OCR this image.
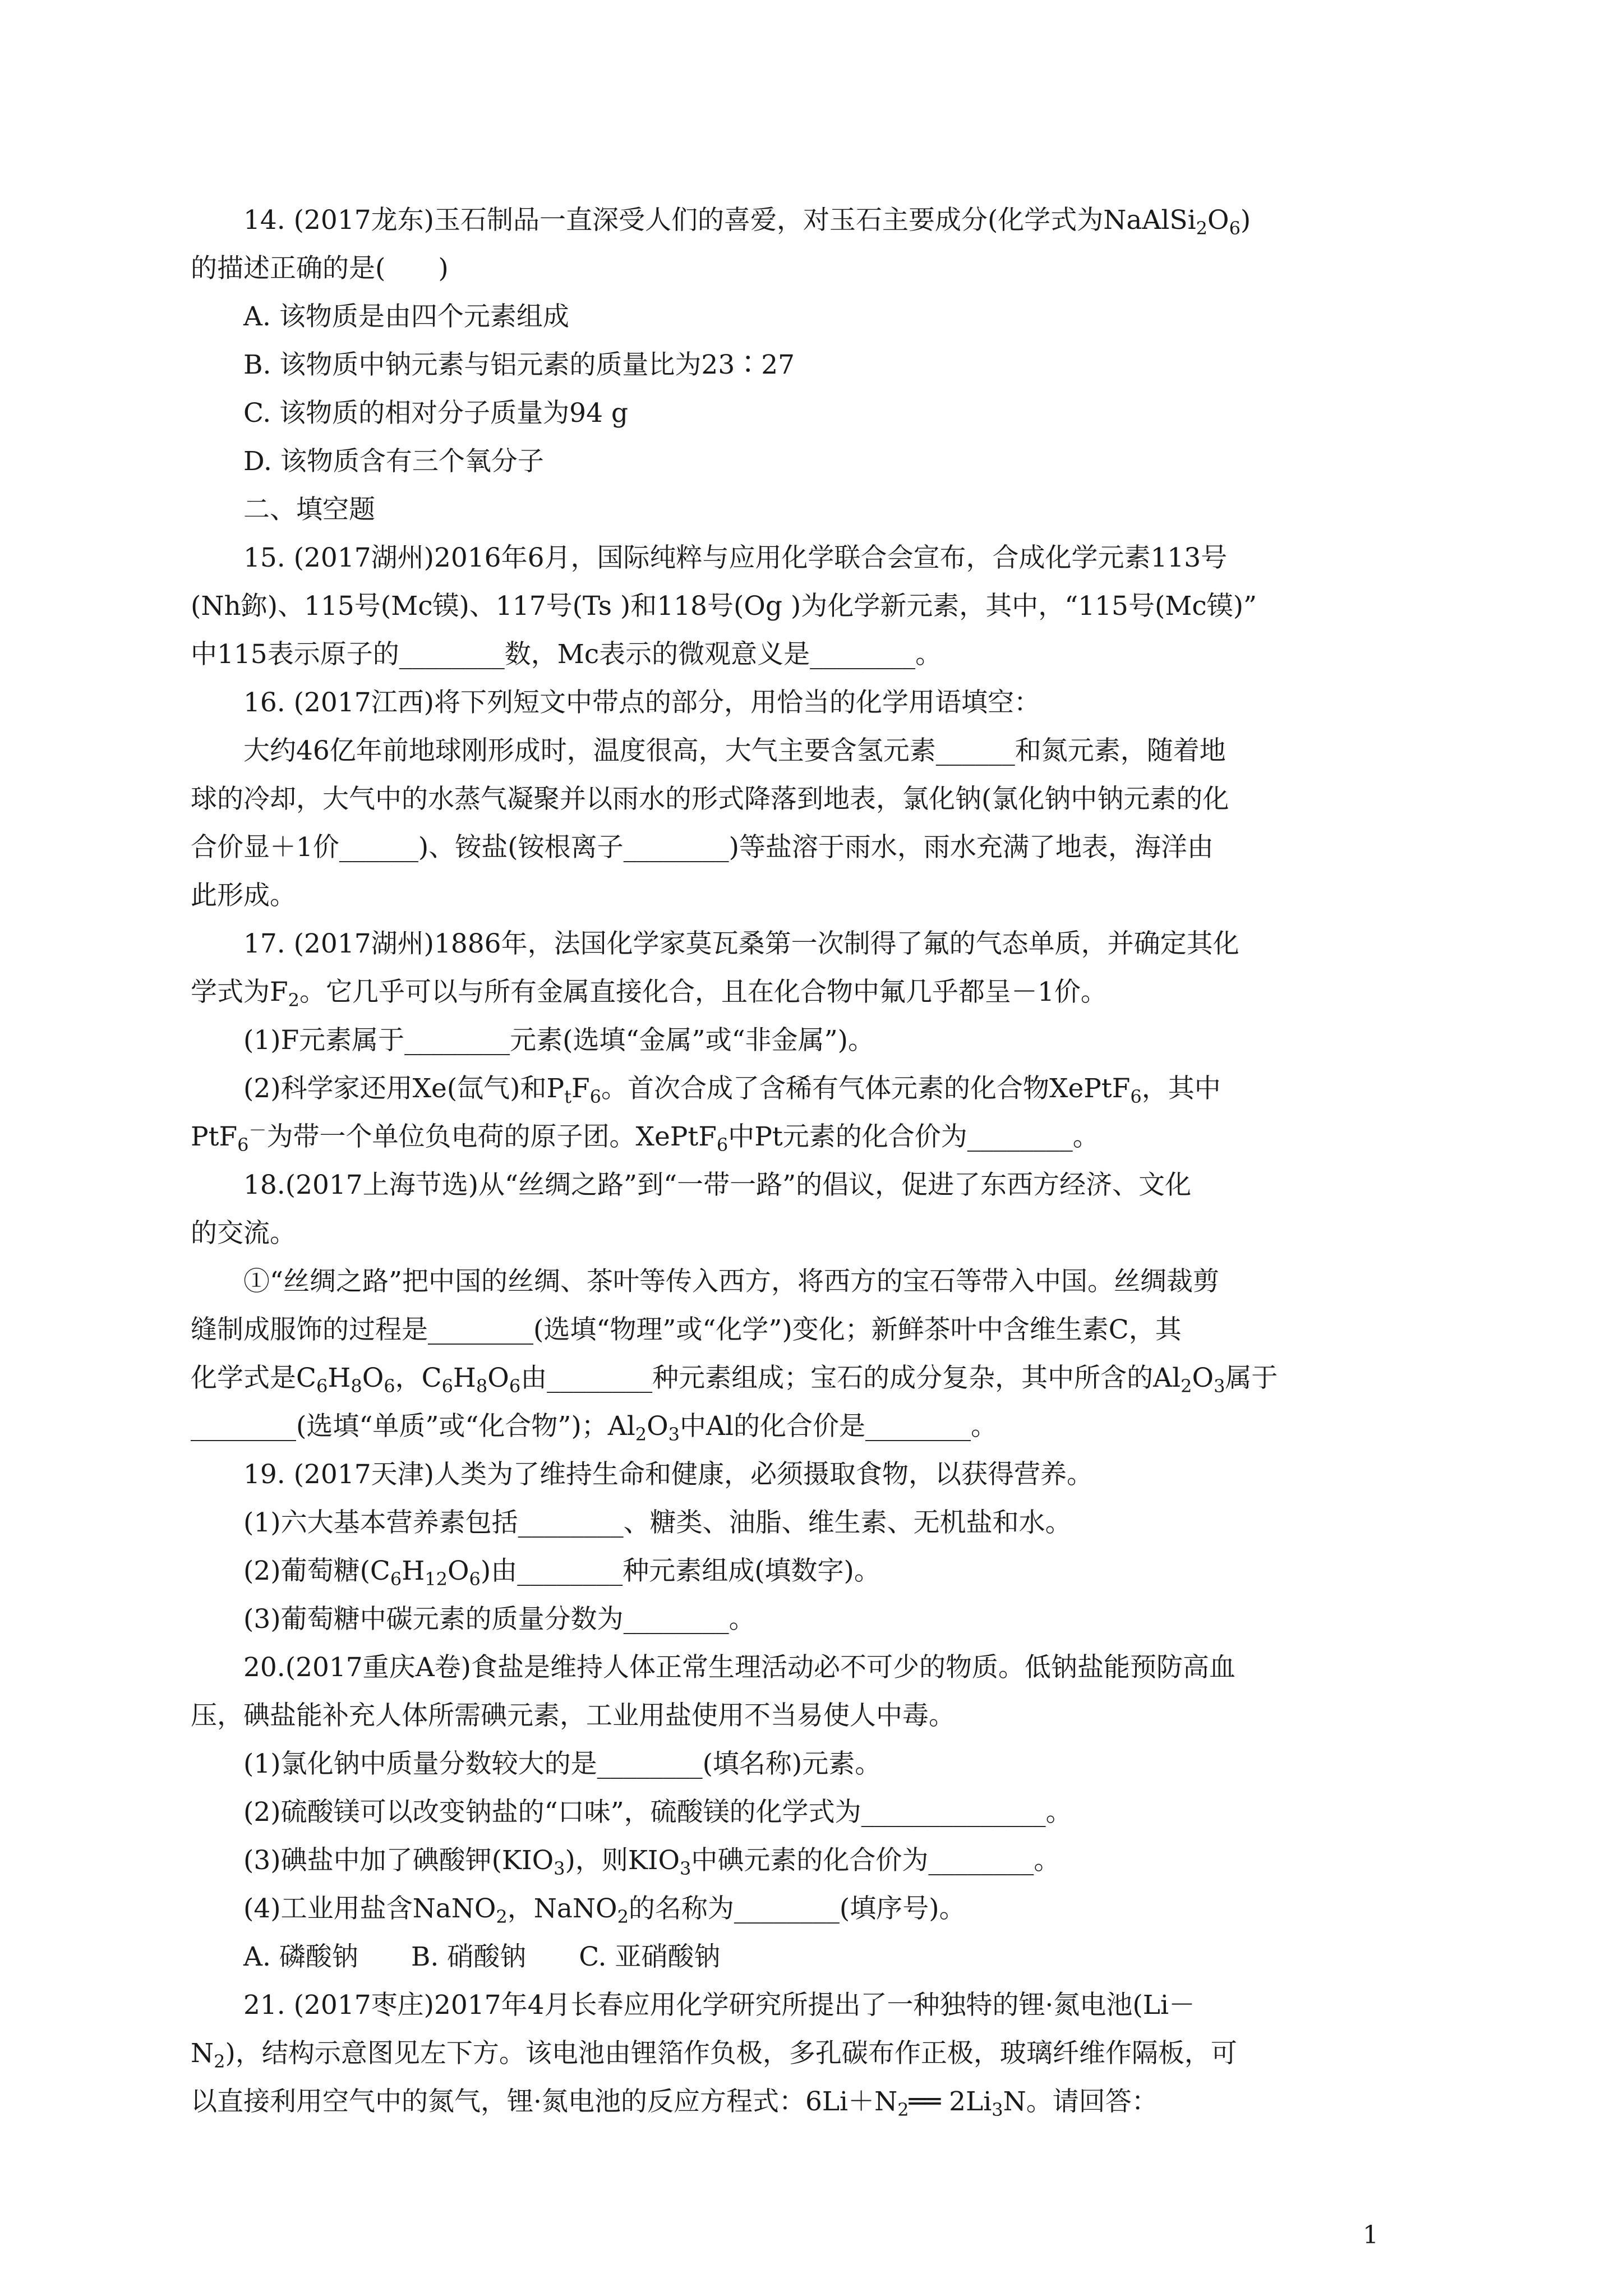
14. (2017龙东)玉石制品一直深受人们的喜爱，对玉石主要成分(化学式为$NaAlSi_2O_6$)
的描述正确的是(　　)
A. 该物质是由四个元素组成
B. 该物质中钠元素与铝元素的质量比为23∶27
C. 该物质的相对分子质量为94 g
D. 该物质含有三个氧分子
二、填空题
15. (2017湖州)2016年6月，国际纯粹与应用化学联合会宣布，合成化学元素113号
(Nh鉨)、115号(Mc镆)、117号(Ts )和118号(Og )为化学新元素，其中，“115号(Mc镆)”
中115表示原子的________数，Mc表示的微观意义是________。
16. (2017江西)将下列短文中带点的部分，用恰当的化学用语填空：
大约46亿年前地球刚形成时，温度很高，大气主要含氢元素______和氮元素，随着地
球的冷却，大气中的水蒸气凝聚并以雨水的形式降落到地表，氯化钠(氯化钠中钠元素的化
合价显＋1价______)、铵盐(铵根离子________)等盐溶于雨水，雨水充满了地表，海洋由
此形成。
17. (2017湖州)1886年，法国化学家莫瓦桑第一次制得了氟的气态单质，并确定其化
学式为$F_2$。它几乎可以与所有金属直接化合，且在化合物中氟几乎都呈－1价。
(1)F元素属于________元素(选填“金属”或“非金属”)。
(2)科学家还用Xe(氙气)和$P_tF_6$。首次合成了含稀有气体元素的化合物XePtF$_6$，其中
PtF$_6$－为带一个单位负电荷的原子团。XePtF$_6$中Pt元素的化合价为________。
18.(2017上海节选)从“丝绸之路”到“一带一路”的倡议，促进了东西方经济、文化
的交流。
①“丝绸之路”把中国的丝绸、茶叶等传入西方，将西方的宝石等带入中国。丝绸裁剪
缝制成服饰的过程是________(选填“物理”或“化学”)变化；新鲜茶叶中含维生素C，其
化学式是$C_6H_8O_6$，$C_6H_8O_6$由________种元素组成；宝石的成分复杂，其中所含的$Al_2O_3$属于
________(选填“单质”或“化合物”)；$Al_2O_3$中Al的化合价是________。
19. (2017天津)人类为了维持生命和健康，必须摄取食物，以获得营养。
(1)六大基本营养素包括________、糖类、油脂、维生素、无机盐和水。
(2)葡萄糖$(C_6H_{12}O_6)$由________种元素组成(填数字)。
(3)葡萄糖中碳元素的质量分数为________。
20.(2017重庆A卷)食盐是维持人体正常生理活动必不可少的物质。低钠盐能预防高血
压，碘盐能补充人体所需碘元素，工业用盐使用不当易使人中毒。
(1)氯化钠中质量分数较大的是________(填名称)元素。
(2)硫酸镁可以改变钠盐的“口味”，硫酸镁的化学式为______________。
(3)碘盐中加了碘酸钾$(KIO_3)$，则$KIO_3$中碘元素的化合价为________。
(4)工业用盐含NaNO$_2$，NaNO$_2$的名称为________(填序号)。
A. 磷酸钠　　B. 硝酸钠　　C. 亚硝酸钠
21. (2017枣庄)2017年4月长春应用化学研究所提出了一种独特的锂·氮电池(Li－
$N_2$)，结构示意图见左下方。该电池由锂箔作负极，多孔碳布作正极，玻璃纤维作隔板，可
以直接利用空气中的氮气，锂·氮电池的反应方程式：$6Li+N_2══$ $2Li_3N$。请回答：
1
